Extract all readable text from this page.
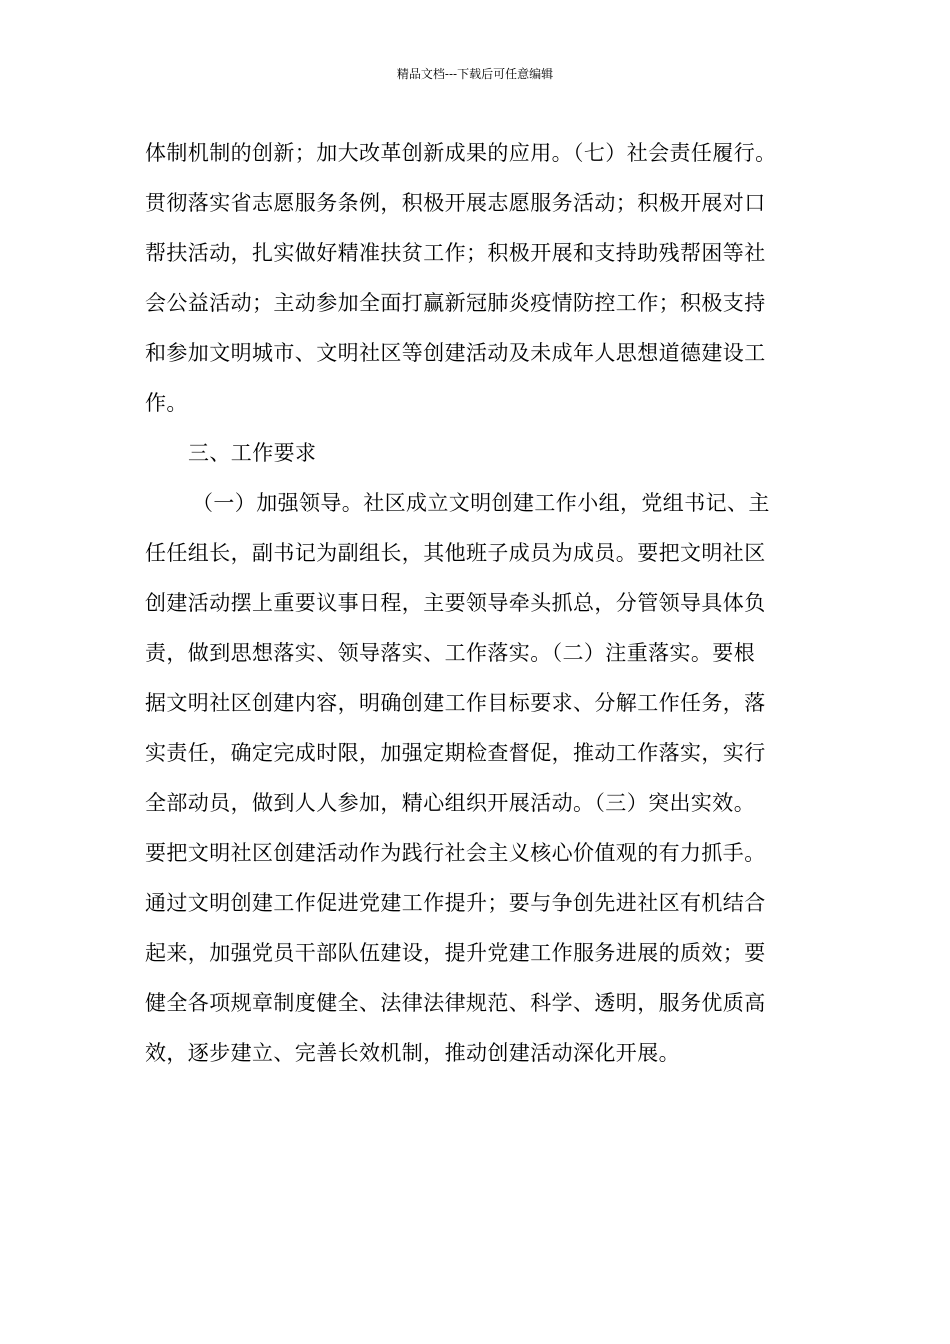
精品文档---下载后可任意编辑
体制机制的创新；加大改革创新成果的应用。（七）社会责任履行。
贯彻落实省志愿服务条例，积极开展志愿服务活动；积极开展对口
帮扶活动，扎实做好精准扶贫工作；积极开展和支持助残帮困等社
会公益活动；主动参加全面打赢新冠肺炎疫情防控工作；积极支持
和参加文明城市、文明社区等创建活动及未成年人思想道德建设工
作。
三、工作要求
（一）加强领导。社区成立文明创建工作小组，党组书记、主
任任组长，副书记为副组长，其他班子成员为成员。要把文明社区
创建活动摆上重要议事日程，主要领导牵头抓总，分管领导具体负
责，做到思想落实、领导落实、工作落实。（二）注重落实。要根
据文明社区创建内容，明确创建工作目标要求、分解工作任务，落
实责任，确定完成时限，加强定期检查督促，推动工作落实，实行
全部动员，做到人人参加，精心组织开展活动。（三）突出实效。
要把文明社区创建活动作为践行社会主义核心价值观的有力抓手。
通过文明创建工作促进党建工作提升；要与争创先进社区有机结合
起来，加强党员干部队伍建设，提升党建工作服务进展的质效；要
健全各项规章制度健全、法律法律规范、科学、透明，服务优质高
效，逐步建立、完善长效机制，推动创建活动深化开展。
